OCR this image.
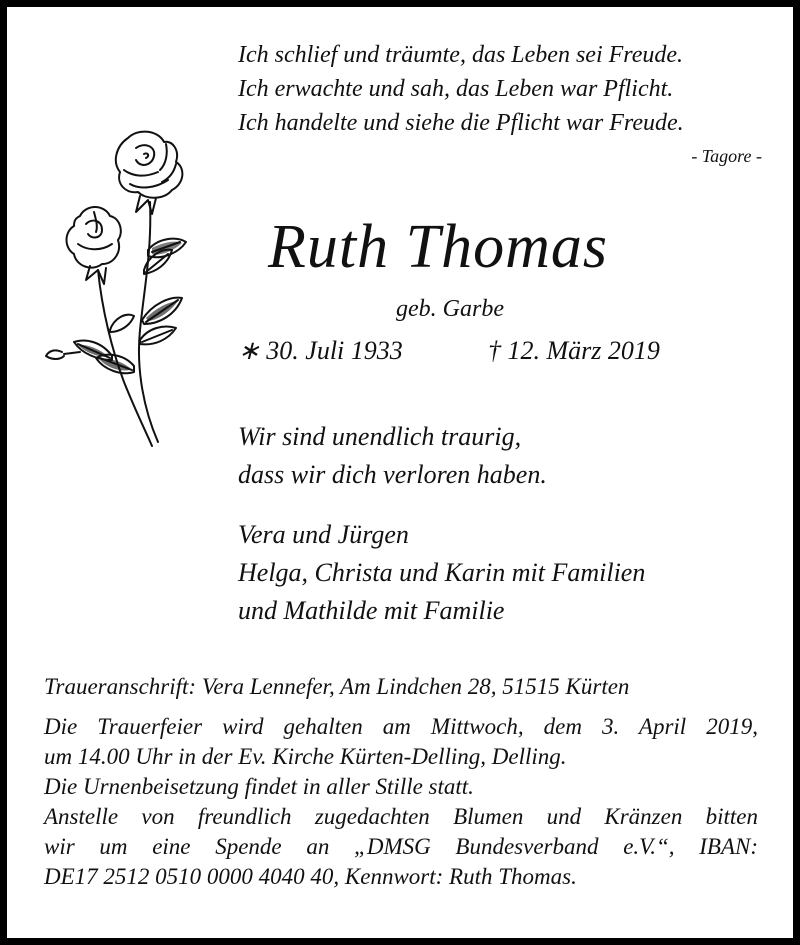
Ich schlief und träumte, das Leben sei Freude.
Ich erwachte und sah, das Leben war Pflicht.
Ich handelte und siehe die Pflicht war Freude.
- Tagore -
Ruth Thomas
geb. Garbe
∗ 30. Juli 1933	† 12. März 2019
Wir sind unendlich traurig,
dass wir dich verloren haben.
Vera und Jürgen
Helga, Christa und Karin mit Familien
und Mathilde mit Familie
Traueranschrift: Vera Lennefer, Am Lindchen 28, 51515 Kürten
Die Trauerfeier wird gehalten am Mittwoch, dem 3. April 2019,
um 14.00 Uhr in der Ev. Kirche Kürten-Delling, Delling.
Die Urnenbeisetzung findet in aller Stille statt.
Anstelle von freundlich zugedachten Blumen und Kränzen bitten
wir um eine Spende an „DMSG Bundesverband e.V.“, IBAN:
DE17 2512 0510 0000 4040 40, Kennwort: Ruth Thomas.
